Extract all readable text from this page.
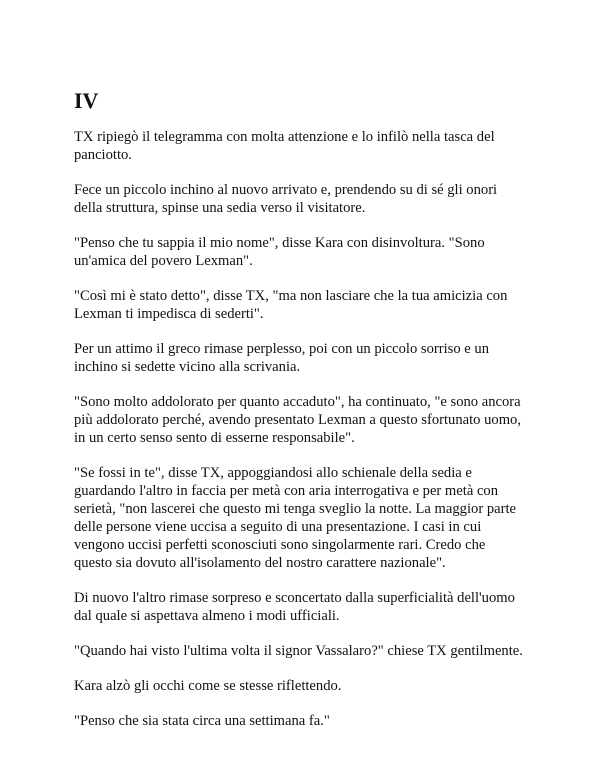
IV

TX ripiegò il telegramma con molta attenzione e lo infilò nella tasca del panciotto.

Fece un piccolo inchino al nuovo arrivato e, prendendo su di sé gli onori della struttura, spinse una sedia verso il visitatore.

"Penso che tu sappia il mio nome", disse Kara con disinvoltura. "Sono un'amica del povero Lexman".

"Così mi è stato detto", disse TX, "ma non lasciare che la tua amicizia con Lexman ti impedisca di sederti".

Per un attimo il greco rimase perplesso, poi con un piccolo sorriso e un inchino si sedette vicino alla scrivania.

"Sono molto addolorato per quanto accaduto", ha continuato, "e sono ancora più addolorato perché, avendo presentato Lexman a questo sfortunato uomo, in un certo senso sento di esserne responsabile".

"Se fossi in te", disse TX, appoggiandosi allo schienale della sedia e guardando l'altro in faccia per metà con aria interrogativa e per metà con serietà, "non lascerei che questo mi tenga sveglio la notte. La maggior parte delle persone viene uccisa a seguito di una presentazione. I casi in cui vengono uccisi perfetti sconosciuti sono singolarmente rari. Credo che questo sia dovuto all'isolamento del nostro carattere nazionale".

Di nuovo l'altro rimase sorpreso e sconcertato dalla superficialità dell'uomo dal quale si aspettava almeno i modi ufficiali.

"Quando hai visto l'ultima volta il signor Vassalaro?" chiese TX gentilmente.

Kara alzò gli occhi come se stesse riflettendo.

"Penso che sia stata circa una settimana fa."
